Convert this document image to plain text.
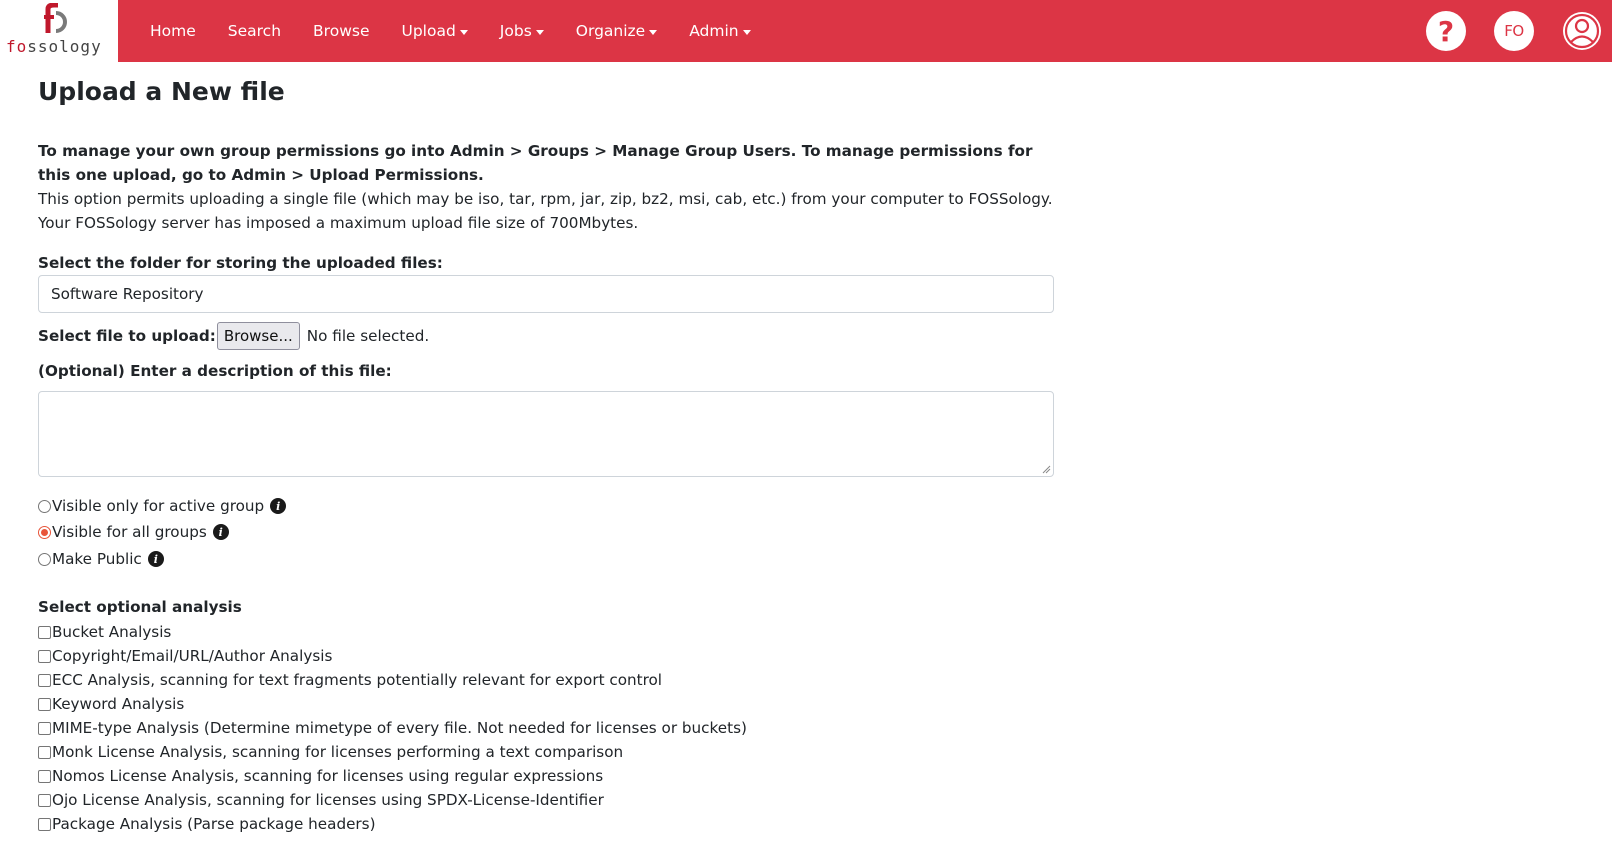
fossology
Home Search Browse Upload	Jobs	Organize	Admin	?	FO
Upload a New file
To manage your own group permissions go into Admin > Groups > Manage Group Users. To manage permissions for this one upload, go to Admin > Upload Permissions.
This option permits uploading a single file (which may be iso, tar, rpm, jar, zip, bz2, msi, cab, etc.) from your computer to FOSSology. Your FOSSology server has imposed a maximum upload file size of 700Mbytes.
Select the folder for storing the uploaded files:
Software Repository
Select file to upload: Browse... No file selected.
(Optional) Enter a description of this file:
Visible only for active group	i
Visible for all groups	i
Make Public	i
Select optional analysis
Bucket Analysis
Copyright/Email/URL/Author Analysis
ECC Analysis, scanning for text fragments potentially relevant for export control
Keyword Analysis
MIME-type Analysis (Determine mimetype of every file. Not needed for licenses or buckets)
Monk License Analysis, scanning for licenses performing a text comparison
Nomos License Analysis, scanning for licenses using regular expressions
Ojo License Analysis, scanning for licenses using SPDX-License-Identifier
Package Analysis (Parse package headers)
